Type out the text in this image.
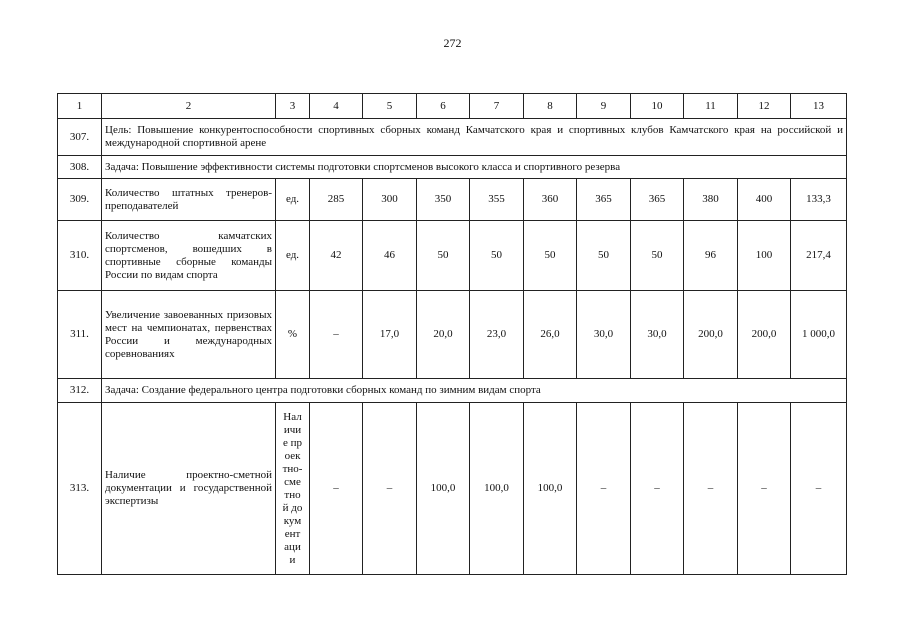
272
1	2	3	4	5	6	7	8	9	10	11	12	13
307.	Цель: Повышение конкурентоспособности спортивных сборных команд Камчатского края и спортивных клубов Камчатского края на российской и международной спортивной арене											
308.	Задача: Повышение эффективности системы подготовки спортсменов высокого класса и спортивного резерва											
309.	Количество штатных тренеров-преподавателей	ед.	285	300	350	355	360	365	365	380	400	133,3
310.	Количество камчатских спортсменов, вошедших в спортивные сборные команды России по видам спорта	ед.	42	46	50	50	50	50	50	96	100	217,4
311.	Увеличение завоеванных призовых мест на чемпионатах, первенствах России и международных соревнованиях	%	–	17,0	20,0	23,0	26,0	30,0	30,0	200,0	200,0	1 000,0
312.	Задача: Создание федерального центра подготовки сборных команд по зимним видам спорта											
313.	Наличие проектно-сметной документации и государственной экспертизы	Наличие проектно-сметной документации	–	–	100,0	100,0	100,0	–	–	–	–	–
